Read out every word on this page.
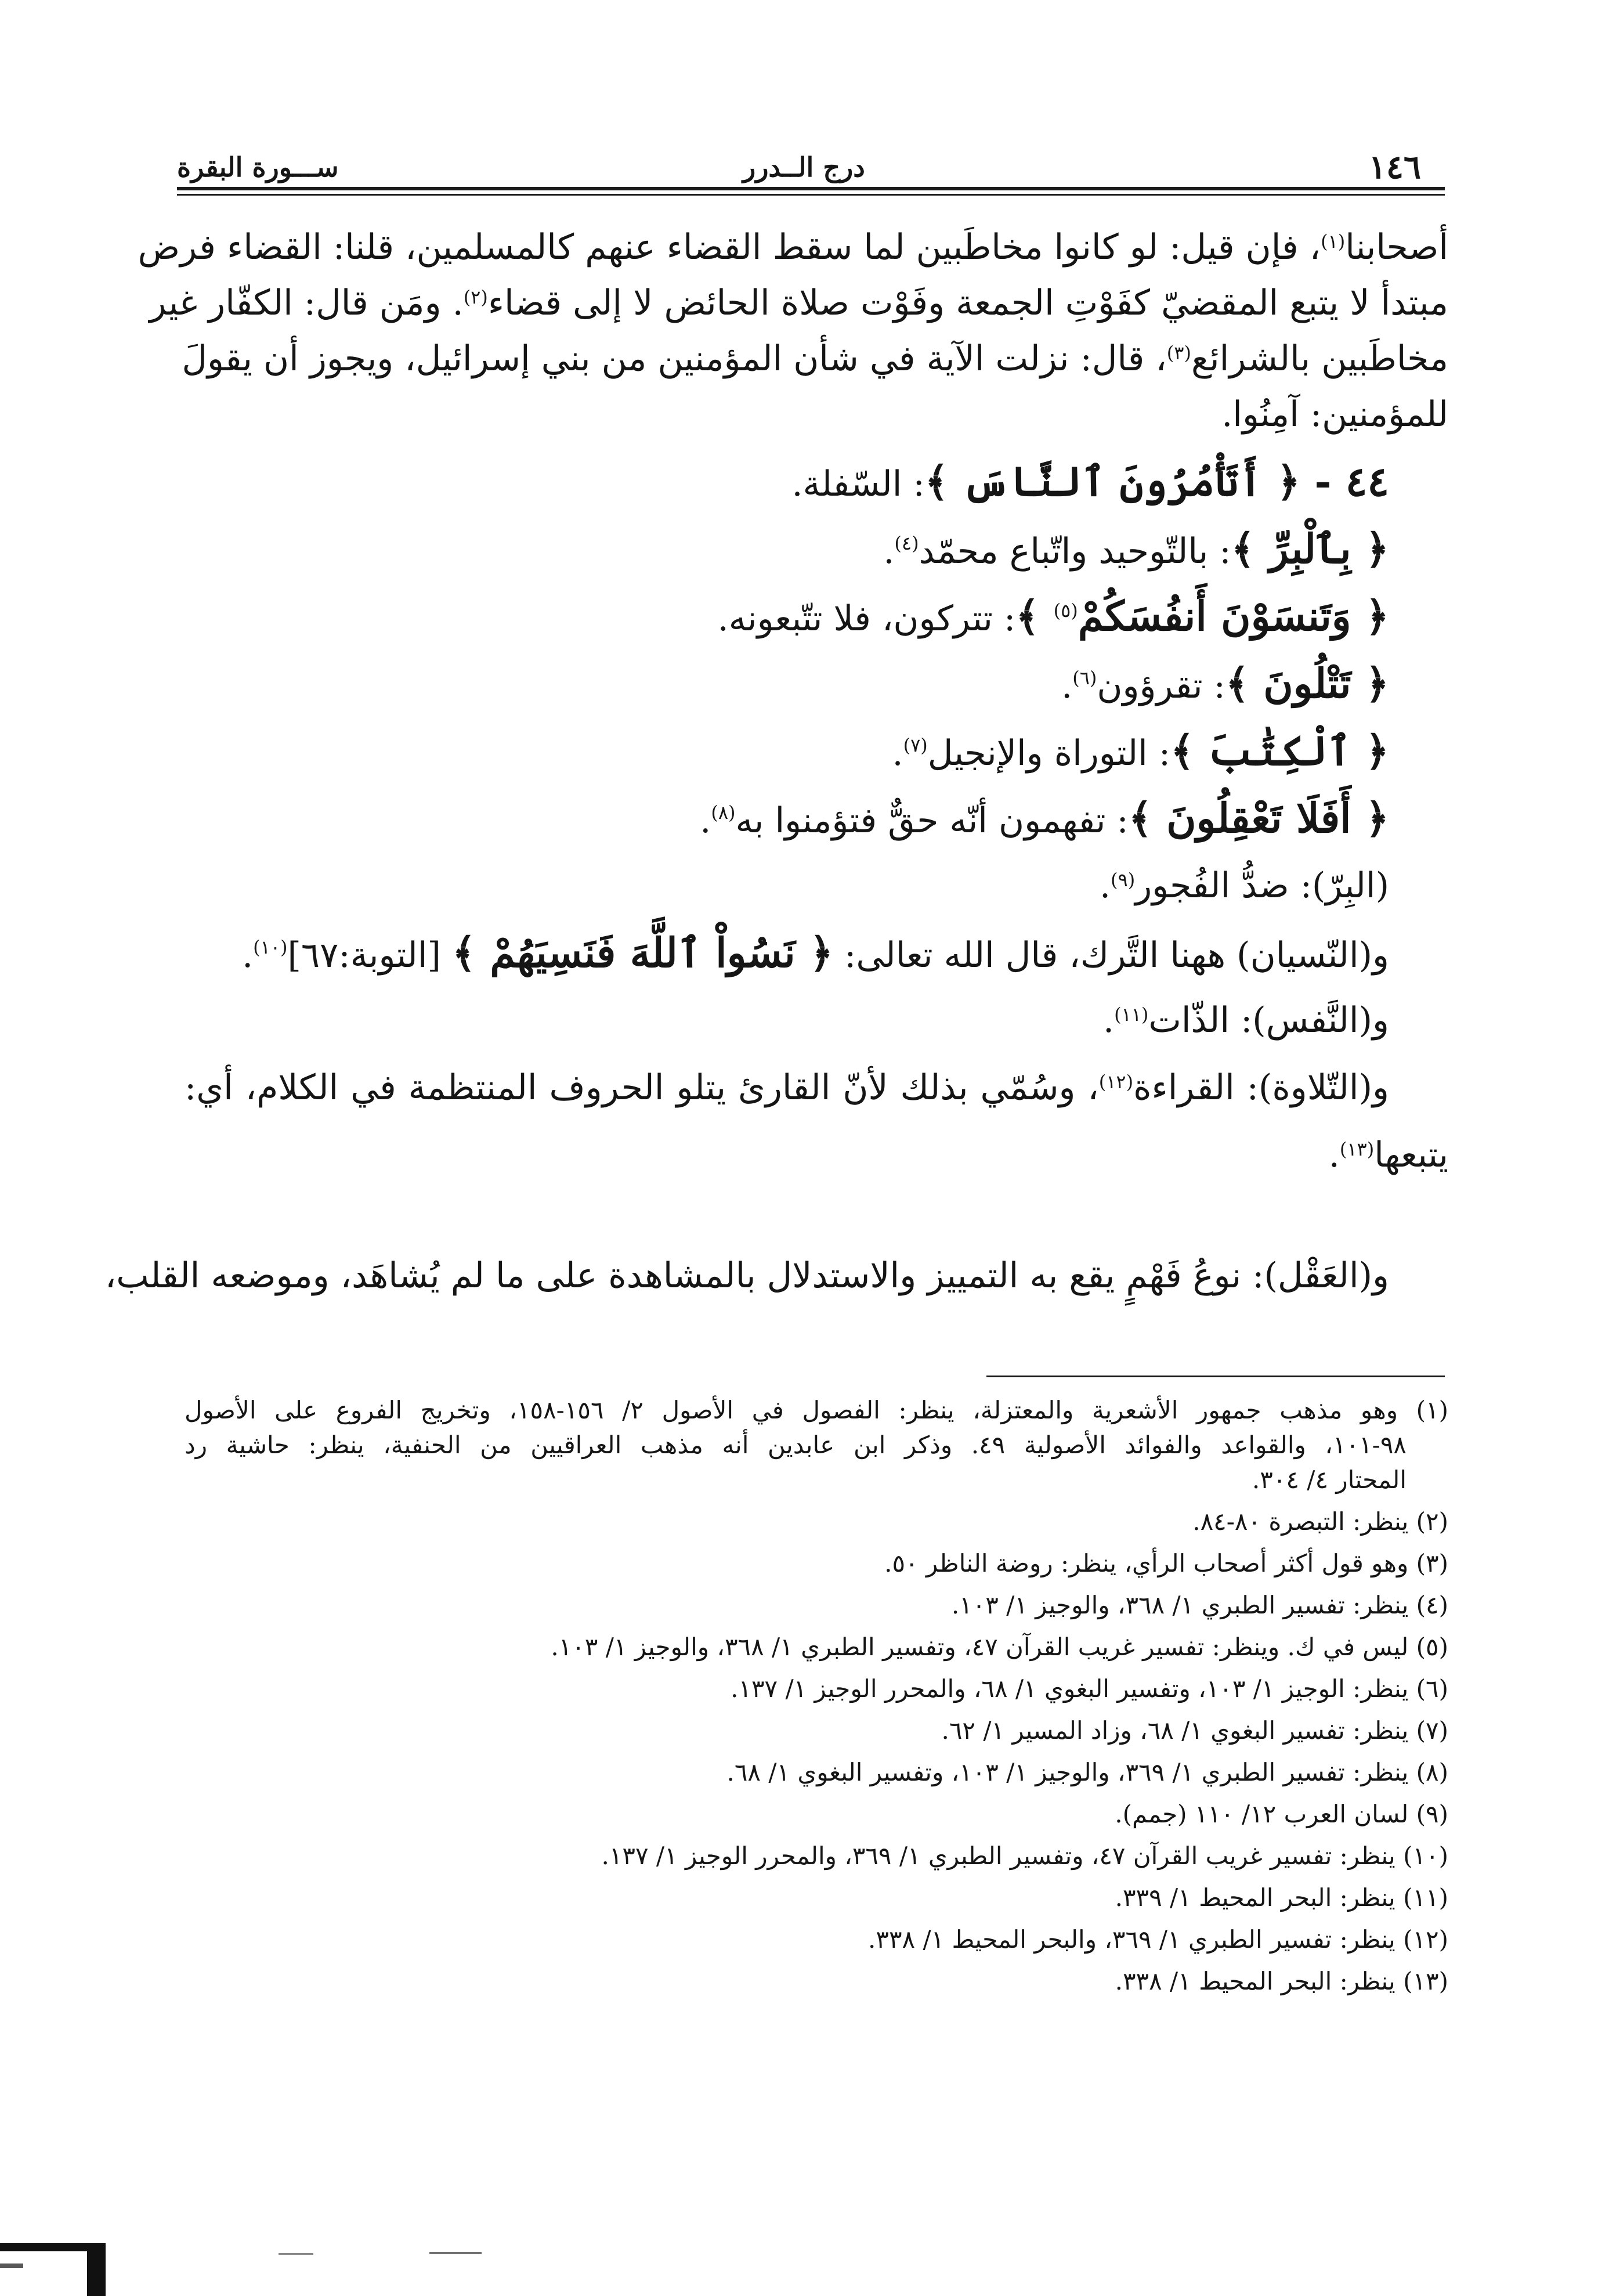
١٤٦
درج الــدرر
ســـورة البقرة
أصحابنا$^{(١)}$، فإن قيل: لو كانوا مخاطَبين لما سقط القضاء عنهم كالمسلمين، قلنا: القضاء فرض
مبتدأ لا يتبع المقضيّ كفَوْتِ الجمعة وفَوْت صلاة الحائض لا إلى قضاء$^{(٢)}$. ومَن قال: الكفّار غير
مخاطَبين بالشرائع$^{(٣)}$، قال: نزلت الآية في شأن المؤمنين من بني إسرائيل، ويجوز أن يقولَ
للمؤمنين: آمِنُوا.
٤٤ - ﴿ أَتَأْمُرُونَ ٱلنَّاسَ ﴾: السّفلة.
﴿ بِٱلْبِرِّ ﴾: بالتّوحيد واتّباع محمّد$^{(٤)}$.
﴿ وَتَنسَوْنَ أَنفُسَكُمْ$^{(٥)}$ ﴾: تتركون، فلا تتّبعونه.
﴿ تَتْلُونَ ﴾: تقرؤون$^{(٦)}$.
﴿ ٱلْكِتَٰبَ ﴾: التوراة والإنجيل$^{(٧)}$.
﴿ أَفَلَا تَعْقِلُونَ ﴾: تفهمون أنّه حقٌّ فتؤمنوا به$^{(٨)}$.
(البِرّ): ضدُّ الفُجور$^{(٩)}$.
و(النّسيان) ههنا التَّرك، قال الله تعالى: ﴿ نَسُواْ ٱللَّهَ فَنَسِيَهُمْ ﴾ [التوبة:٦٧]$^{(١٠)}$.
و(النَّفس): الذّات$^{(١١)}$.
و(التّلاوة): القراءة$^{(١٢)}$، وسُمّي بذلك لأنّ القارئ يتلو الحروف المنتظمة في الكلام، أي:
يتبعها$^{(١٣)}$.
و(العَقْل): نوعُ فَهْمٍ يقع به التمييز والاستدلال بالمشاهدة على ما لم يُشاهَد، وموضعه القلب،
(١) وهو مذهب جمهور الأشعرية والمعتزلة، ينظر: الفصول في الأصول ٢/ ١٥٦-١٥٨، وتخريج الفروع على الأصول
٩٨-١٠١، والقواعد والفوائد الأصولية ٤٩. وذكر ابن عابدين أنه مذهب العراقيين من الحنفية، ينظر: حاشية رد
المحتار ٤/ ٣٠٤.
(٢) ينظر: التبصرة ٨٠-٨٤.
(٣) وهو قول أكثر أصحاب الرأي، ينظر: روضة الناظر ٥٠.
(٤) ينظر: تفسير الطبري ١/ ٣٦٨، والوجيز ١/ ١٠٣.
(٥) ليس في ك. وينظر: تفسير غريب القرآن ٤٧، وتفسير الطبري ١/ ٣٦٨، والوجيز ١/ ١٠٣.
(٦) ينظر: الوجيز ١/ ١٠٣، وتفسير البغوي ١/ ٦٨، والمحرر الوجيز ١/ ١٣٧.
(٧) ينظر: تفسير البغوي ١/ ٦٨، وزاد المسير ١/ ٦٢.
(٨) ينظر: تفسير الطبري ١/ ٣٦٩، والوجيز ١/ ١٠٣، وتفسير البغوي ١/ ٦٨.
(٩) لسان العرب ١٢/ ١١٠ (جمم).
(١٠) ينظر: تفسير غريب القرآن ٤٧، وتفسير الطبري ١/ ٣٦٩، والمحرر الوجيز ١/ ١٣٧.
(١١) ينظر: البحر المحيط ١/ ٣٣٩.
(١٢) ينظر: تفسير الطبري ١/ ٣٦٩، والبحر المحيط ١/ ٣٣٨.
(١٣) ينظر: البحر المحيط ١/ ٣٣٨.
